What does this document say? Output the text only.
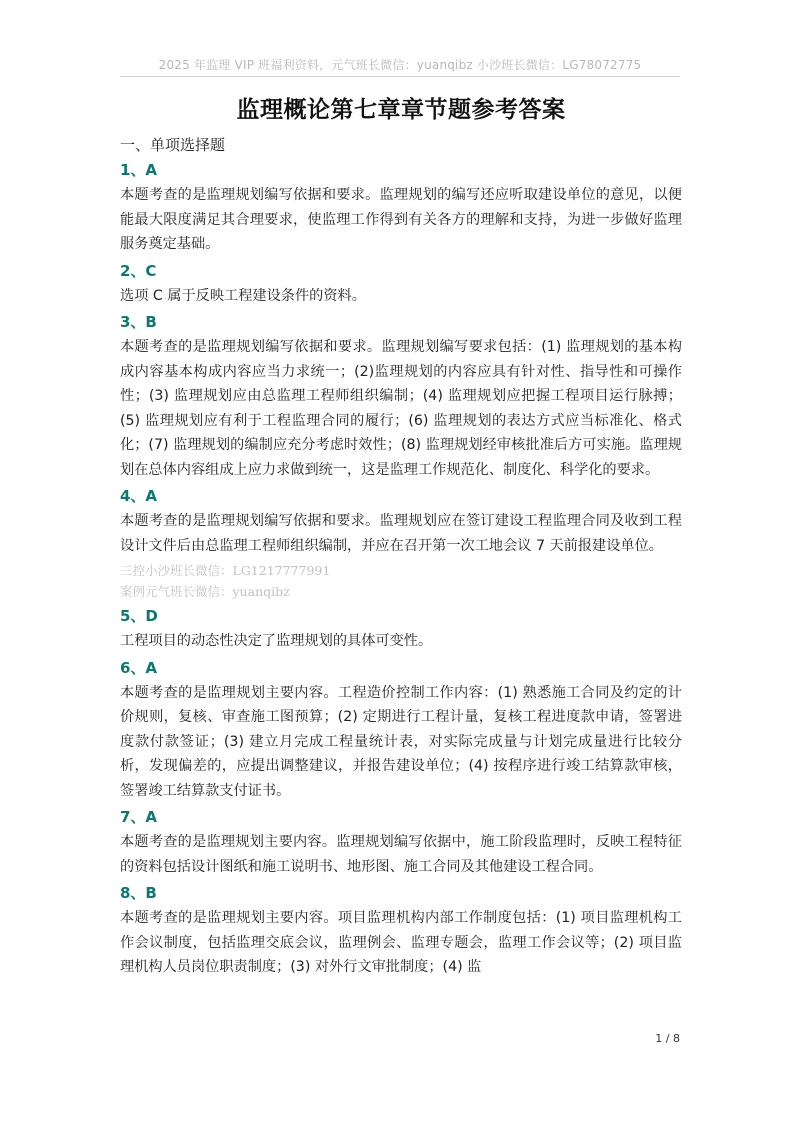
2025 年监理 VIP 班福利资料，元气班长微信：yuanqibz 小沙班长微信：LG78072775
监理概论第七章章节题参考答案
一、单项选择题
1、A
本题考查的是监理规划编写依据和要求。监理规划的编写还应听取建设单位的意见，以便能最大限度满足其合理要求，使监理工作得到有关各方的理解和支持，为进一步做好监理服务奠定基础。
2、C
选项 C 属于反映工程建设条件的资料。
3、B
本题考查的是监理规划编写依据和要求。监理规划编写要求包括：(1) 监理规划的基本构成内容基本构成内容应当力求统一；(2)监理规划的内容应具有针对性、指导性和可操作性；(3) 监理规划应由总监理工程师组织编制；(4) 监理规划应把握工程项目运行脉搏；(5) 监理规划应有利于工程监理合同的履行；(6) 监理规划的表达方式应当标准化、格式化；(7) 监理规划的编制应充分考虑时效性；(8) 监理规划经审核批准后方可实施。监理规划在总体内容组成上应力求做到统一，这是监理工作规范化、制度化、科学化的要求。
4、A
本题考查的是监理规划编写依据和要求。监理规划应在签订建设工程监理合同及收到工程设计文件后由总监理工程师组织编制，并应在召开第一次工地会议 7 天前报建设单位。
三控小沙班长微信：LG1217777991
案例元气班长微信：yuanqibz
5、D
工程项目的动态性决定了监理规划的具体可变性。
6、A
本题考查的是监理规划主要内容。工程造价控制工作内容：(1) 熟悉施工合同及约定的计价规则，复核、审查施工图预算；(2) 定期进行工程计量，复核工程进度款申请，签署进度款付款签证；(3) 建立月完成工程量统计表，对实际完成量与计划完成量进行比较分析，发现偏差的，应提出调整建议，并报告建设单位；(4) 按程序进行竣工结算款审核，签署竣工结算款支付证书。
7、A
本题考查的是监理规划主要内容。监理规划编写依据中，施工阶段监理时，反映工程特征的资料包括设计图纸和施工说明书、地形图、施工合同及其他建设工程合同。
8、B
本题考查的是监理规划主要内容。项目监理机构内部工作制度包括：(1) 项目监理机构工作会议制度，包括监理交底会议，监理例会、监理专题会，监理工作会议等；(2) 项目监理机构人员岗位职责制度；(3) 对外行文审批制度；(4) 监
1 / 8
